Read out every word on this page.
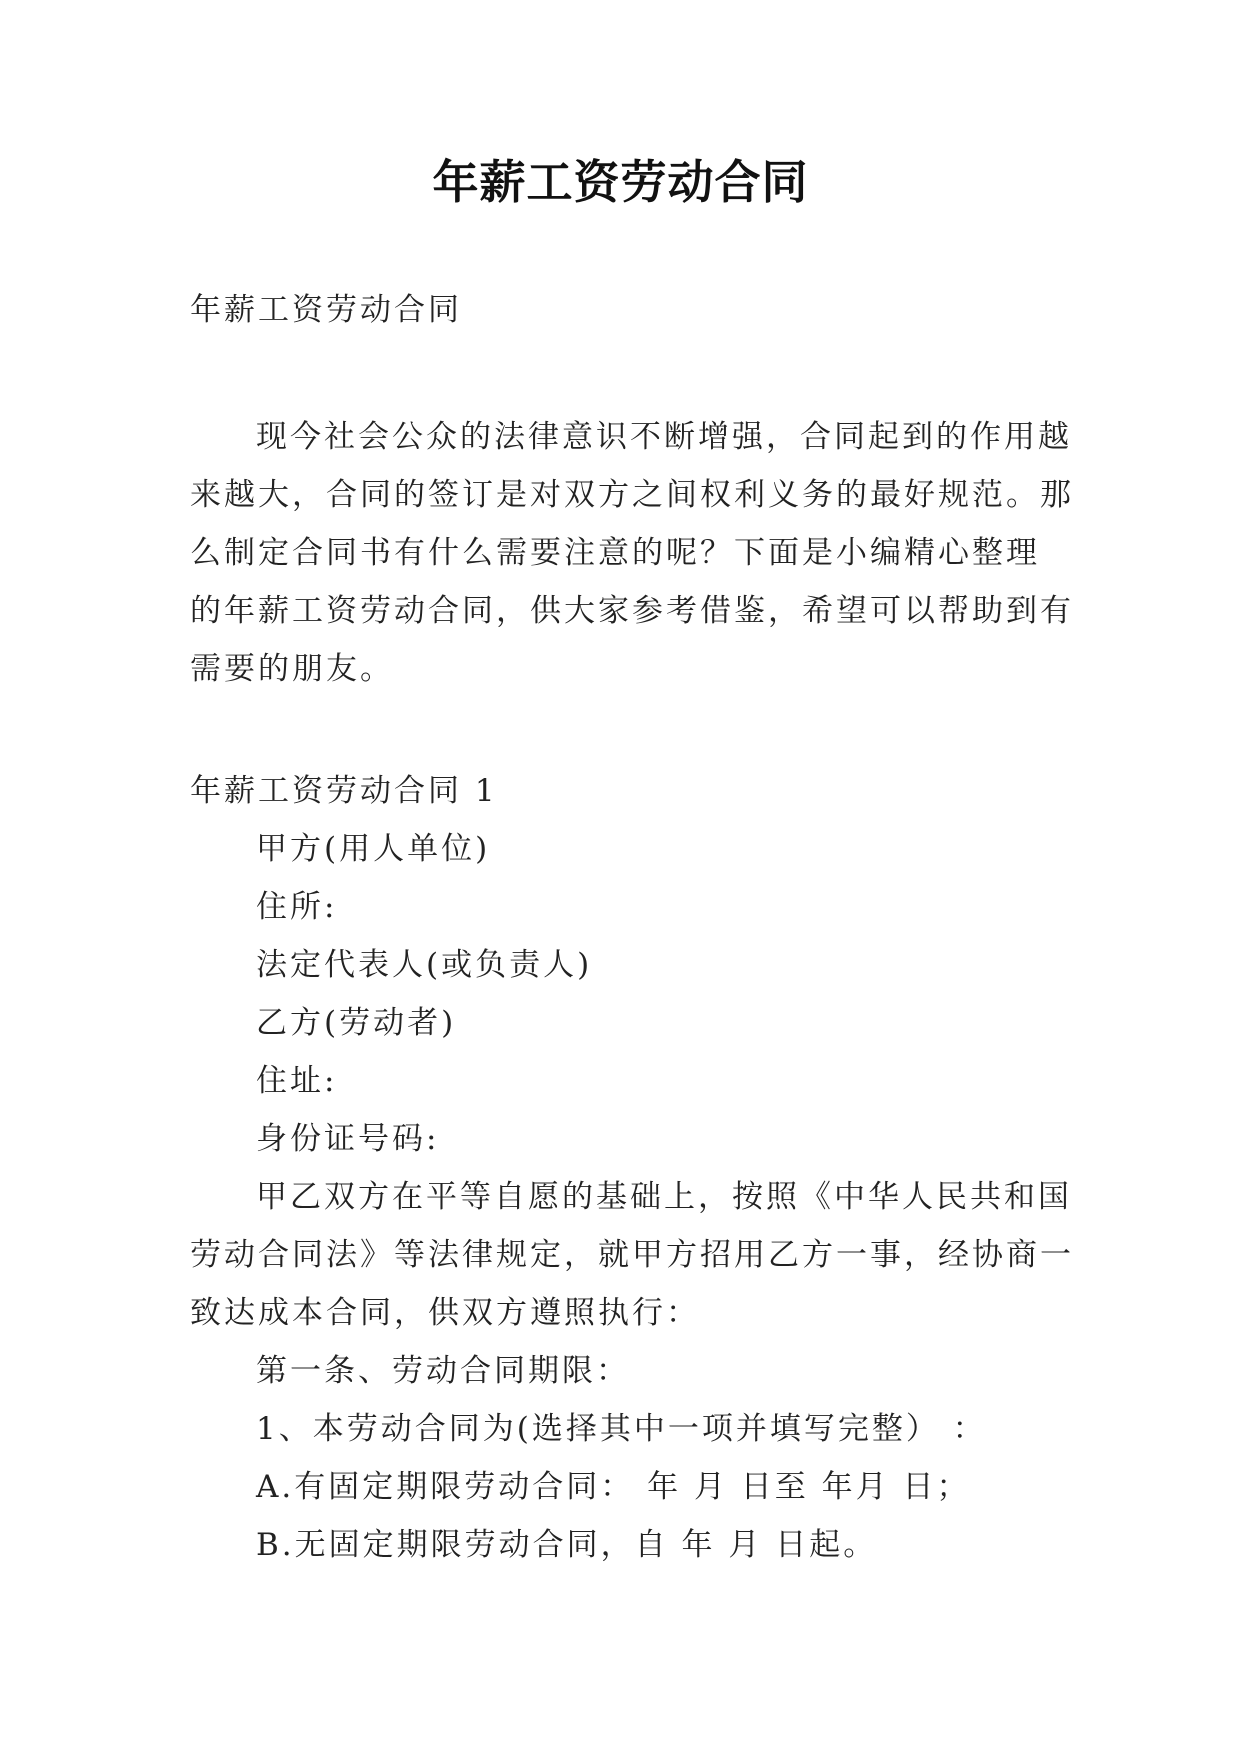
年薪工资劳动合同
年薪工资劳动合同
现今社会公众的法律意识不断增强，合同起到的作用越
来越大，合同的签订是对双方之间权利义务的最好规范。那
么制定合同书有什么需要注意的呢？下面是小编精心整理
的年薪工资劳动合同，供大家参考借鉴，希望可以帮助到有
需要的朋友。
年薪工资劳动合同 1
甲方(用人单位)
住所:
法定代表人(或负责人)
乙方(劳动者)
住址:
身份证号码:
甲乙双方在平等自愿的基础上，按照《中华人民共和国
劳动合同法》等法律规定，就甲方招用乙方一事，经协商一
致达成本合同，供双方遵照执行：
第一条、劳动合同期限：
1、本劳动合同为(选择其中一项并填写完整） ：
A.有固定期限劳动合同： 年 月 日至 年月 日；
B.无固定期限劳动合同，自 年 月 日起。
